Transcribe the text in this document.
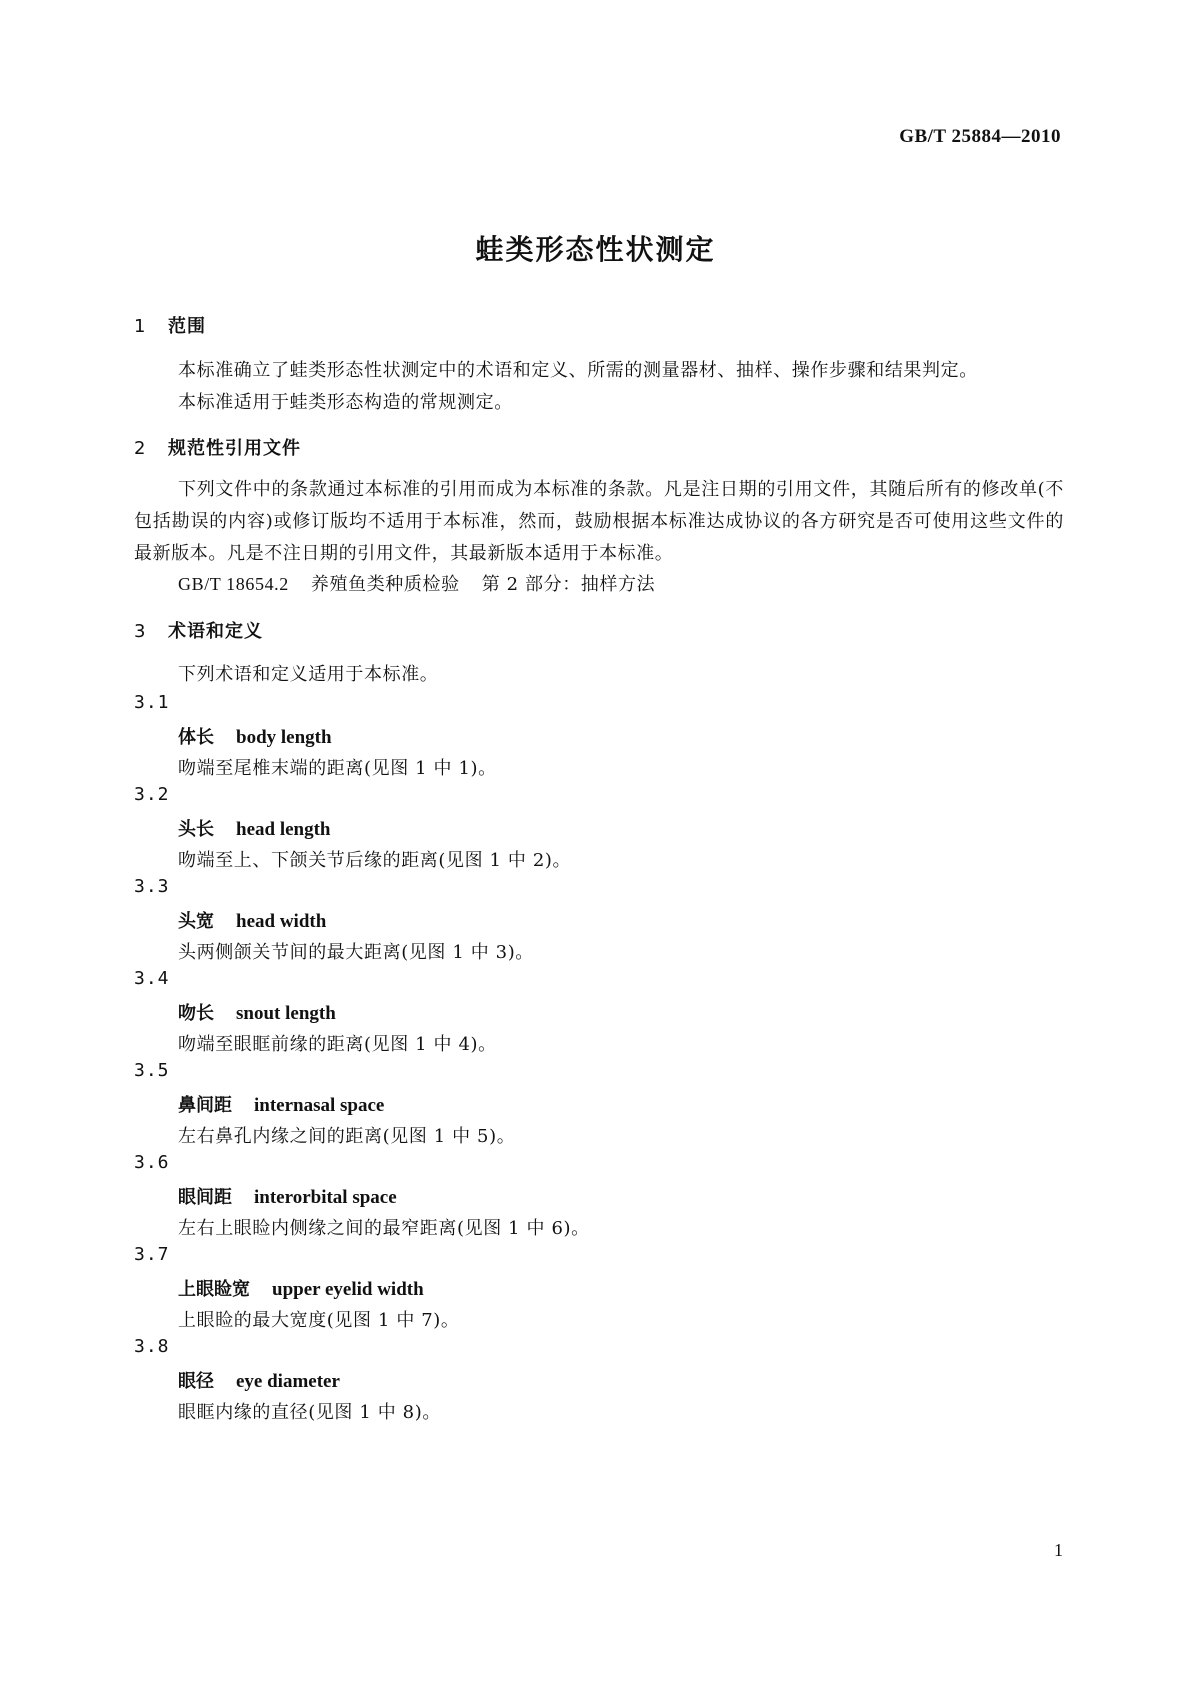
GB/T 25884—2010
蛙类形态性状测定
1 范围
本标准确立了蛙类形态性状测定中的术语和定义、所需的测量器材、抽样、操作步骤和结果判定。
本标准适用于蛙类形态构造的常规测定。
2 规范性引用文件
下列文件中的条款通过本标准的引用而成为本标准的条款。凡是注日期的引用文件，其随后所有的修改单(不包括勘误的内容)或修订版均不适用于本标准，然而，鼓励根据本标准达成协议的各方研究是否可使用这些文件的最新版本。凡是不注日期的引用文件，其最新版本适用于本标准。
GB/T 18654.2 养殖鱼类种质检验 第 2 部分：抽样方法
3 术语和定义
下列术语和定义适用于本标准。
3.1
体长 body length
吻端至尾椎末端的距离(见图 1 中 1)。
3.2
头长 head length
吻端至上、下颌关节后缘的距离(见图 1 中 2)。
3.3
头宽 head width
头两侧颌关节间的最大距离(见图 1 中 3)。
3.4
吻长 snout length
吻端至眼眶前缘的距离(见图 1 中 4)。
3.5
鼻间距 internasal space
左右鼻孔内缘之间的距离(见图 1 中 5)。
3.6
眼间距 interorbital space
左右上眼睑内侧缘之间的最窄距离(见图 1 中 6)。
3.7
上眼睑宽 upper eyelid width
上眼睑的最大宽度(见图 1 中 7)。
3.8
眼径 eye diameter
眼眶内缘的直径(见图 1 中 8)。
1
